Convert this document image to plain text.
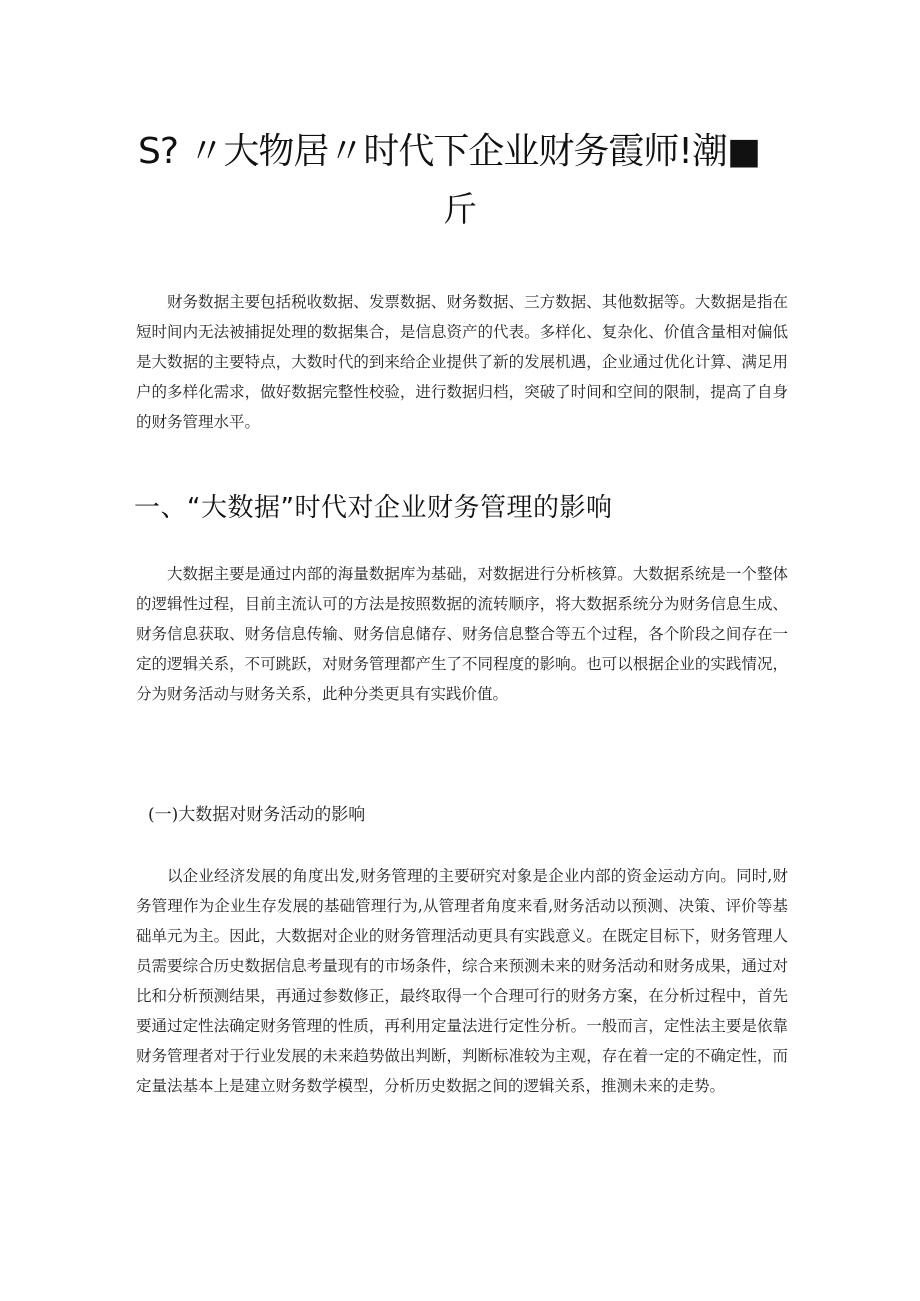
S? 〃大物居〃时代下企业财务霞师!潮■
斤

财务数据主要包括税收数据、发票数据、财务数据、三方数据、其他数据等。大数据是指在短时间内无法被捕捉处理的数据集合，是信息资产的代表。多样化、复杂化、价值含量相对偏低是大数据的主要特点，大数时代的到来给企业提供了新的发展机遇，企业通过优化计算、满足用户的多样化需求，做好数据完整性校验，进行数据归档，突破了时间和空间的限制，提高了自身的财务管理水平。

一、“大数据”时代对企业财务管理的影响

大数据主要是通过内部的海量数据库为基础，对数据进行分析核算。大数据系统是一个整体的逻辑性过程，目前主流认可的方法是按照数据的流转顺序，将大数据系统分为财务信息生成、财务信息获取、财务信息传输、财务信息储存、财务信息整合等五个过程，各个阶段之间存在一定的逻辑关系，不可跳跃，对财务管理都产生了不同程度的影响。也可以根据企业的实践情况，分为财务活动与财务关系，此种分类更具有实践价值。

(一)大数据对财务活动的影响

以企业经济发展的角度出发,财务管理的主要研究对象是企业内部的资金运动方向。同时,财务管理作为企业生存发展的基础管理行为,从管理者角度来看,财务活动以预测、决策、评价等基础单元为主。因此，大数据对企业的财务管理活动更具有实践意义。在既定目标下，财务管理人员需要综合历史数据信息考量现有的市场条件，综合来预测未来的财务活动和财务成果，通过对比和分析预测结果，再通过参数修正，最终取得一个合理可行的财务方案，在分析过程中，首先要通过定性法确定财务管理的性质，再利用定量法进行定性分析。一般而言，定性法主要是依靠财务管理者对于行业发展的未来趋势做出判断，判断标准较为主观，存在着一定的不确定性，而定量法基本上是建立财务数学模型，分析历史数据之间的逻辑关系，推测未来的走势。
